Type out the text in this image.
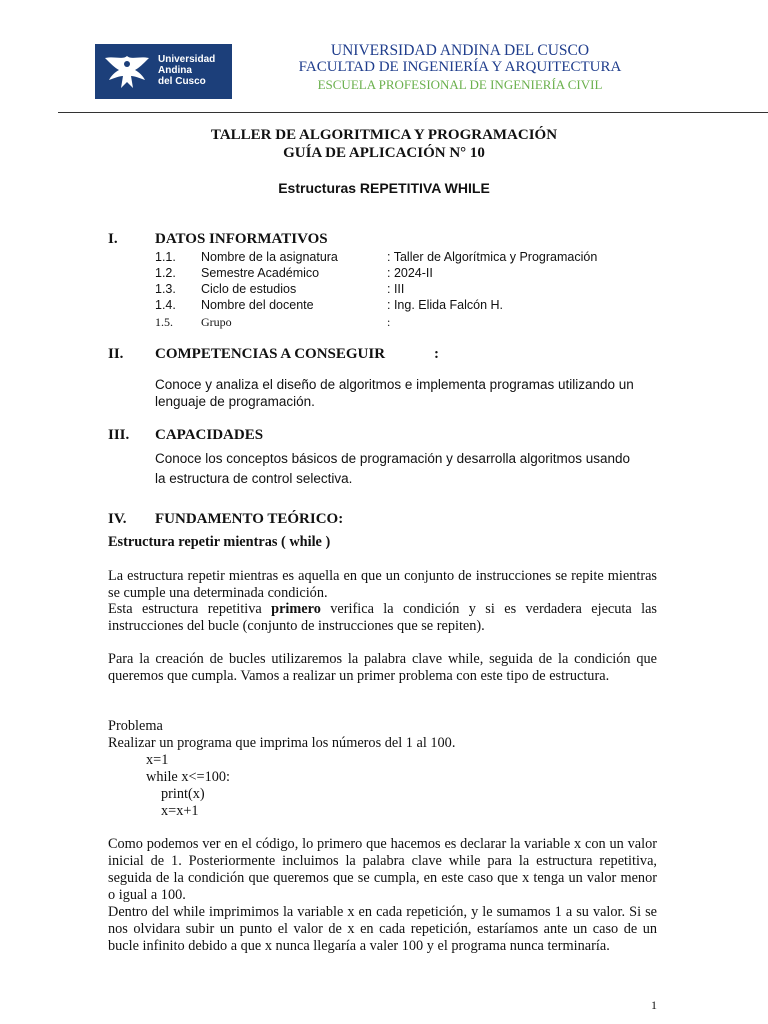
Universidad
Andina
del Cusco
UNIVERSIDAD ANDINA DEL CUSCO
FACULTAD DE INGENIERÍA Y ARQUITECTURA
ESCUELA PROFESIONAL DE INGENIERÍA CIVIL
TALLER DE ALGORITMICA Y PROGRAMACIÓN
GUÍA DE APLICACIÓN N° 10
Estructuras REPETITIVA WHILE
I. DATOS INFORMATIVOS
1.1. Nombre de la asignatura	: Taller de Algorítmica y Programación
1.2. Semestre Académico	: 2024-II
1.3. Ciclo de estudios	: III
1.4. Nombre del docente	: Ing. Elida Falcón H.
1.5. Grupo	:
II. COMPETENCIAS A CONSEGUIR	:
Conoce y analiza el diseño de algoritmos e implementa programas utilizando un
lenguaje de programación.
III. CAPACIDADES
Conoce los conceptos básicos de programación y desarrolla algoritmos usando
la estructura de control selectiva.
IV. FUNDAMENTO TEÓRICO:
Estructura repetir mientras ( while )
La estructura repetir mientras es aquella en que un conjunto de instrucciones se repite mientras se cumple una determinada condición.
Esta estructura repetitiva primero verifica la condición y si es verdadera ejecuta las instrucciones del bucle (conjunto de instrucciones que se repiten).
Para la creación de bucles utilizaremos la palabra clave while, seguida de la condición que queremos que cumpla. Vamos a realizar un primer problema con este tipo de estructura.
Problema
Realizar un programa que imprima los números del 1 al 100.
x=1
while x<=100:
print(x)
x=x+1
Como podemos ver en el código, lo primero que hacemos es declarar la variable x con un valor inicial de 1. Posteriormente incluimos la palabra clave while para la estructura repetitiva, seguida de la condición que queremos que se cumpla, en este caso que x tenga un valor menor o igual a 100.
Dentro del while imprimimos la variable x en cada repetición, y le sumamos 1 a su valor. Si se nos olvidara subir un punto el valor de x en cada repetición, estaríamos ante un caso de un bucle infinito debido a que x nunca llegaría a valer 100 y el programa nunca terminaría.
1
